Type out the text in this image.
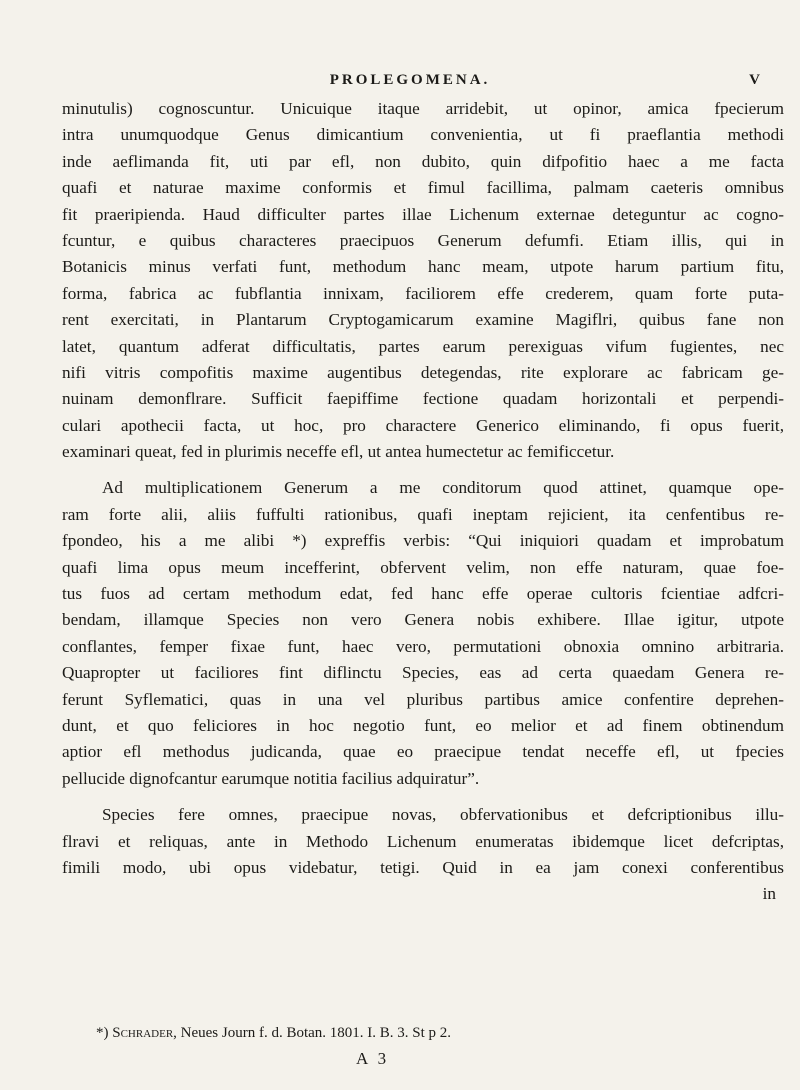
PROLEGOMENA.	V
minutulis) cognoscuntur. Unicuique itaque arridebit, ut opinor, amica fpecierum
intra unumquodque Genus dimicantium convenientia, ut fi praeflantia methodi
inde aeflimanda fit, uti par efl, non dubito, quin difpofitio haec a me facta
quafi et naturae maxime conformis et fimul facillima, palmam caeteris omnibus
fit praeripienda. Haud difficulter partes illae Lichenum externae deteguntur ac cogno-
fcuntur, e quibus characteres praecipuos Generum defumfi. Etiam illis, qui in
Botanicis minus verfati funt, methodum hanc meam, utpote harum partium fitu,
forma, fabrica ac fubflantia innixam, faciliorem effe crederem, quam forte puta-
rent exercitati, in Plantarum Cryptogamicarum examine Magiflri, quibus fane non
latet, quantum adferat difficultatis, partes earum perexiguas vifum fugientes, nec
nifi vitris compofitis maxime augentibus detegendas, rite explorare ac fabricam ge-
nuinam demonflrare. Sufficit faepiffime fectione quadam horizontali et perpendi-
culari apothecii facta, ut hoc, pro charactere Generico eliminando, fi opus fuerit,
examinari queat, fed in plurimis neceffe efl, ut antea humectetur ac femificcetur.
Ad multiplicationem Generum a me conditorum quod attinet, quamque ope-
ram forte alii, aliis fuffulti rationibus, quafi ineptam rejicient, ita cenfentibus re-
fpondeo, his a me alibi *) expreffis verbis: “Qui iniquiori quadam et improbatum
quafi lima opus meum incefferint, obfervent velim, non effe naturam, quae foe-
tus fuos ad certam methodum edat, fed hanc effe operae cultoris fcientiae adfcri-
bendam, illamque Species non vero Genera nobis exhibere. Illae igitur, utpote
conflantes, femper fixae funt, haec vero, permutationi obnoxia omnino arbitraria.
Quapropter ut faciliores fint diflinctu Species, eas ad certa quaedam Genera re-
ferunt Syflematici, quas in una vel pluribus partibus amice confentire deprehen-
dunt, et quo feliciores in hoc negotio funt, eo melior et ad finem obtinendum
aptior efl methodus judicanda, quae eo praecipue tendat neceffe efl, ut fpecies
pellucide dignofcantur earumque notitia facilius adquiratur”.
Species fere omnes, praecipue novas, obfervationibus et defcriptionibus illu-
flravi et reliquas, ante in Methodo Lichenum enumeratas ibidemque licet defcriptas,
fimili modo, ubi opus videbatur, tetigi. Quid in ea jam conexi conferentibus
in
*) Schrader, Neues Journ f. d. Botan. 1801. I. B. 3. St p 2.
A 3
